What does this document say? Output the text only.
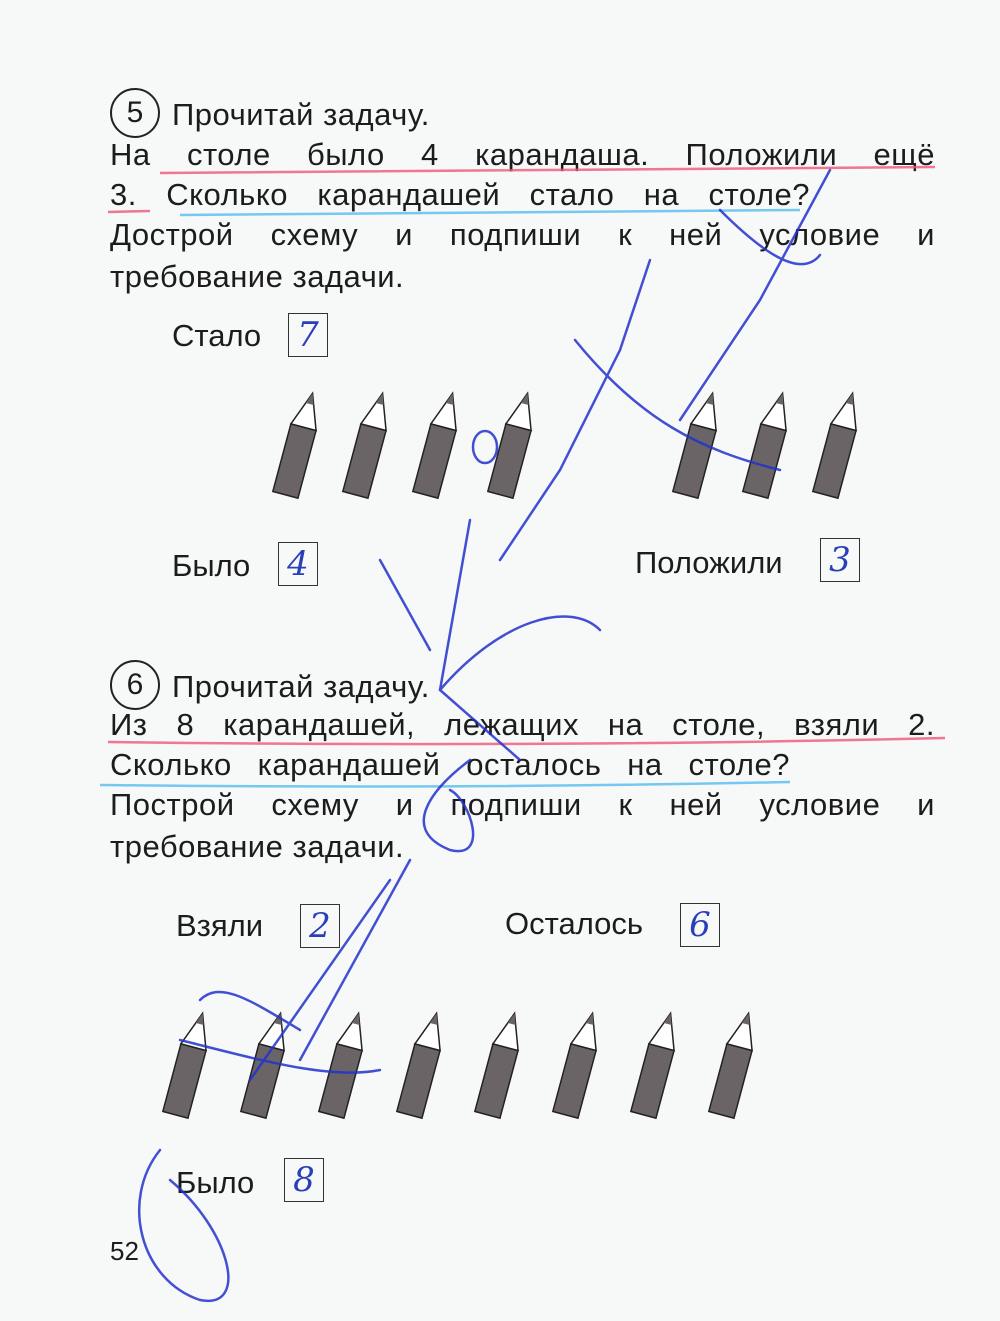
5 Прочитай задачу.
На столе было 4 карандаша. Положили ещё
3. Сколько карандашей стало на столе?
Дострой схему и подпиши к ней условие и
требование задачи.
Стало 7
Было 4	Положили 3
6 Прочитай задачу.
Из 8 карандашей, лежащих на столе, взяли 2.
Сколько карандашей осталось на столе?
Построй схему и подпиши к ней условие и
требование задачи.
Взяли 2	Осталось 6
Было 8
52
